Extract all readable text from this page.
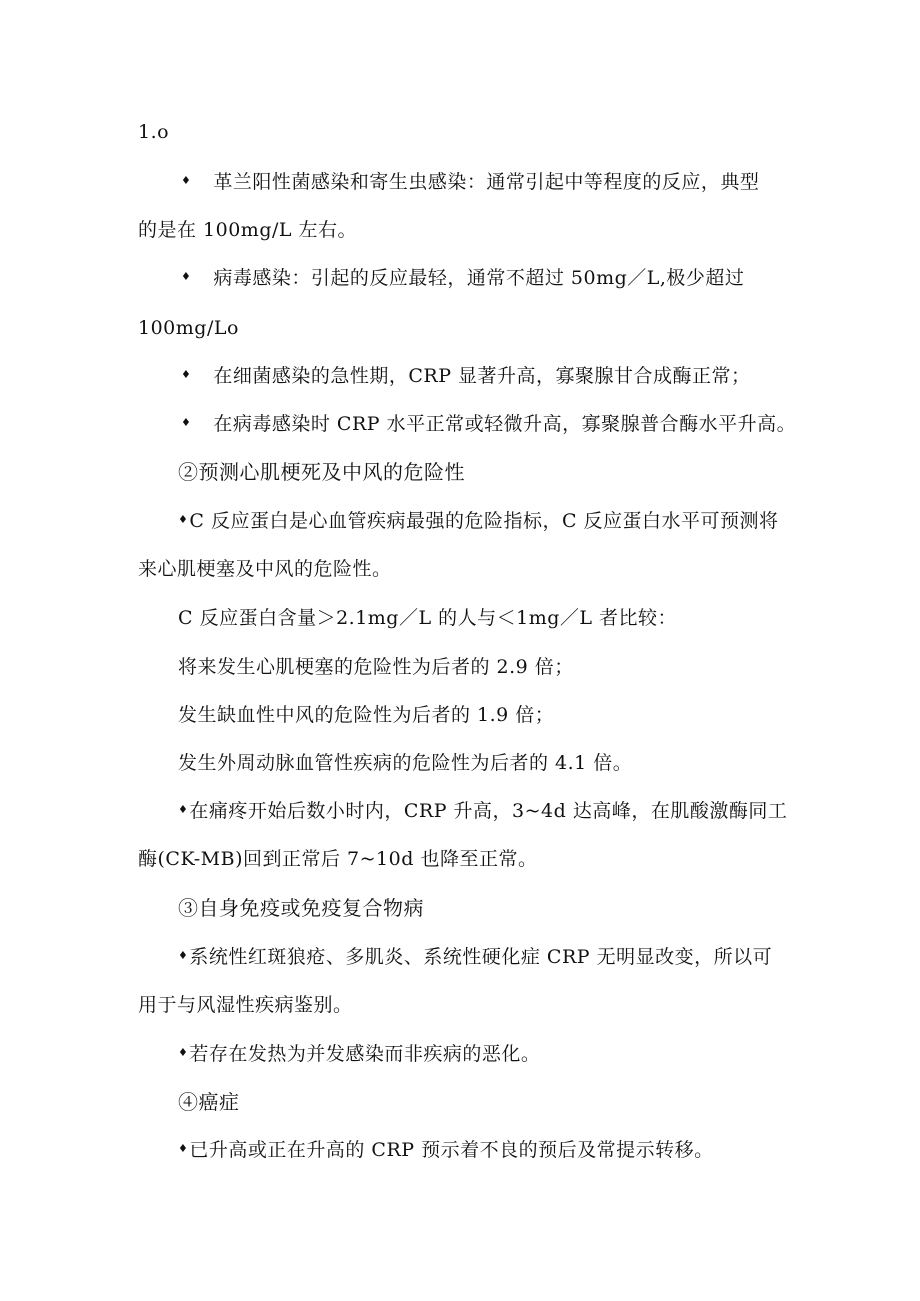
1.o
♦ 革兰阳性菌感染和寄生虫感染：通常引起中等程度的反应，典型
的是在 100mg/L 左右。
♦ 病毒感染：引起的反应最轻，通常不超过 50mg／L,极少超过
100mg/Lo
♦ 在细菌感染的急性期，CRP 显著升高，寡聚腺甘合成酶正常；
♦ 在病毒感染时 CRP 水平正常或轻微升高，寡聚腺普合酶水平升高。
②预测心肌梗死及中风的危险性
♦C 反应蛋白是心血管疾病最强的危险指标，C 反应蛋白水平可预测将
来心肌梗塞及中风的危险性。
C 反应蛋白含量＞2.1mg／L 的人与＜1mg／L 者比较：
将来发生心肌梗塞的危险性为后者的 2.9 倍；
发生缺血性中风的危险性为后者的 1.9 倍；
发生外周动脉血管性疾病的危险性为后者的 4.1 倍。
♦在痛疼开始后数小时内，CRP 升高，3~4d 达高峰，在肌酸激酶同工
酶(CK-MB)回到正常后 7~10d 也降至正常。
③自身免疫或免疫复合物病
♦系统性红斑狼疮、多肌炎、系统性硬化症 CRP 无明显改变，所以可
用于与风湿性疾病鉴别。
♦若存在发热为并发感染而非疾病的恶化。
④癌症
♦已升高或正在升高的 CRP 预示着不良的预后及常提示转移。
